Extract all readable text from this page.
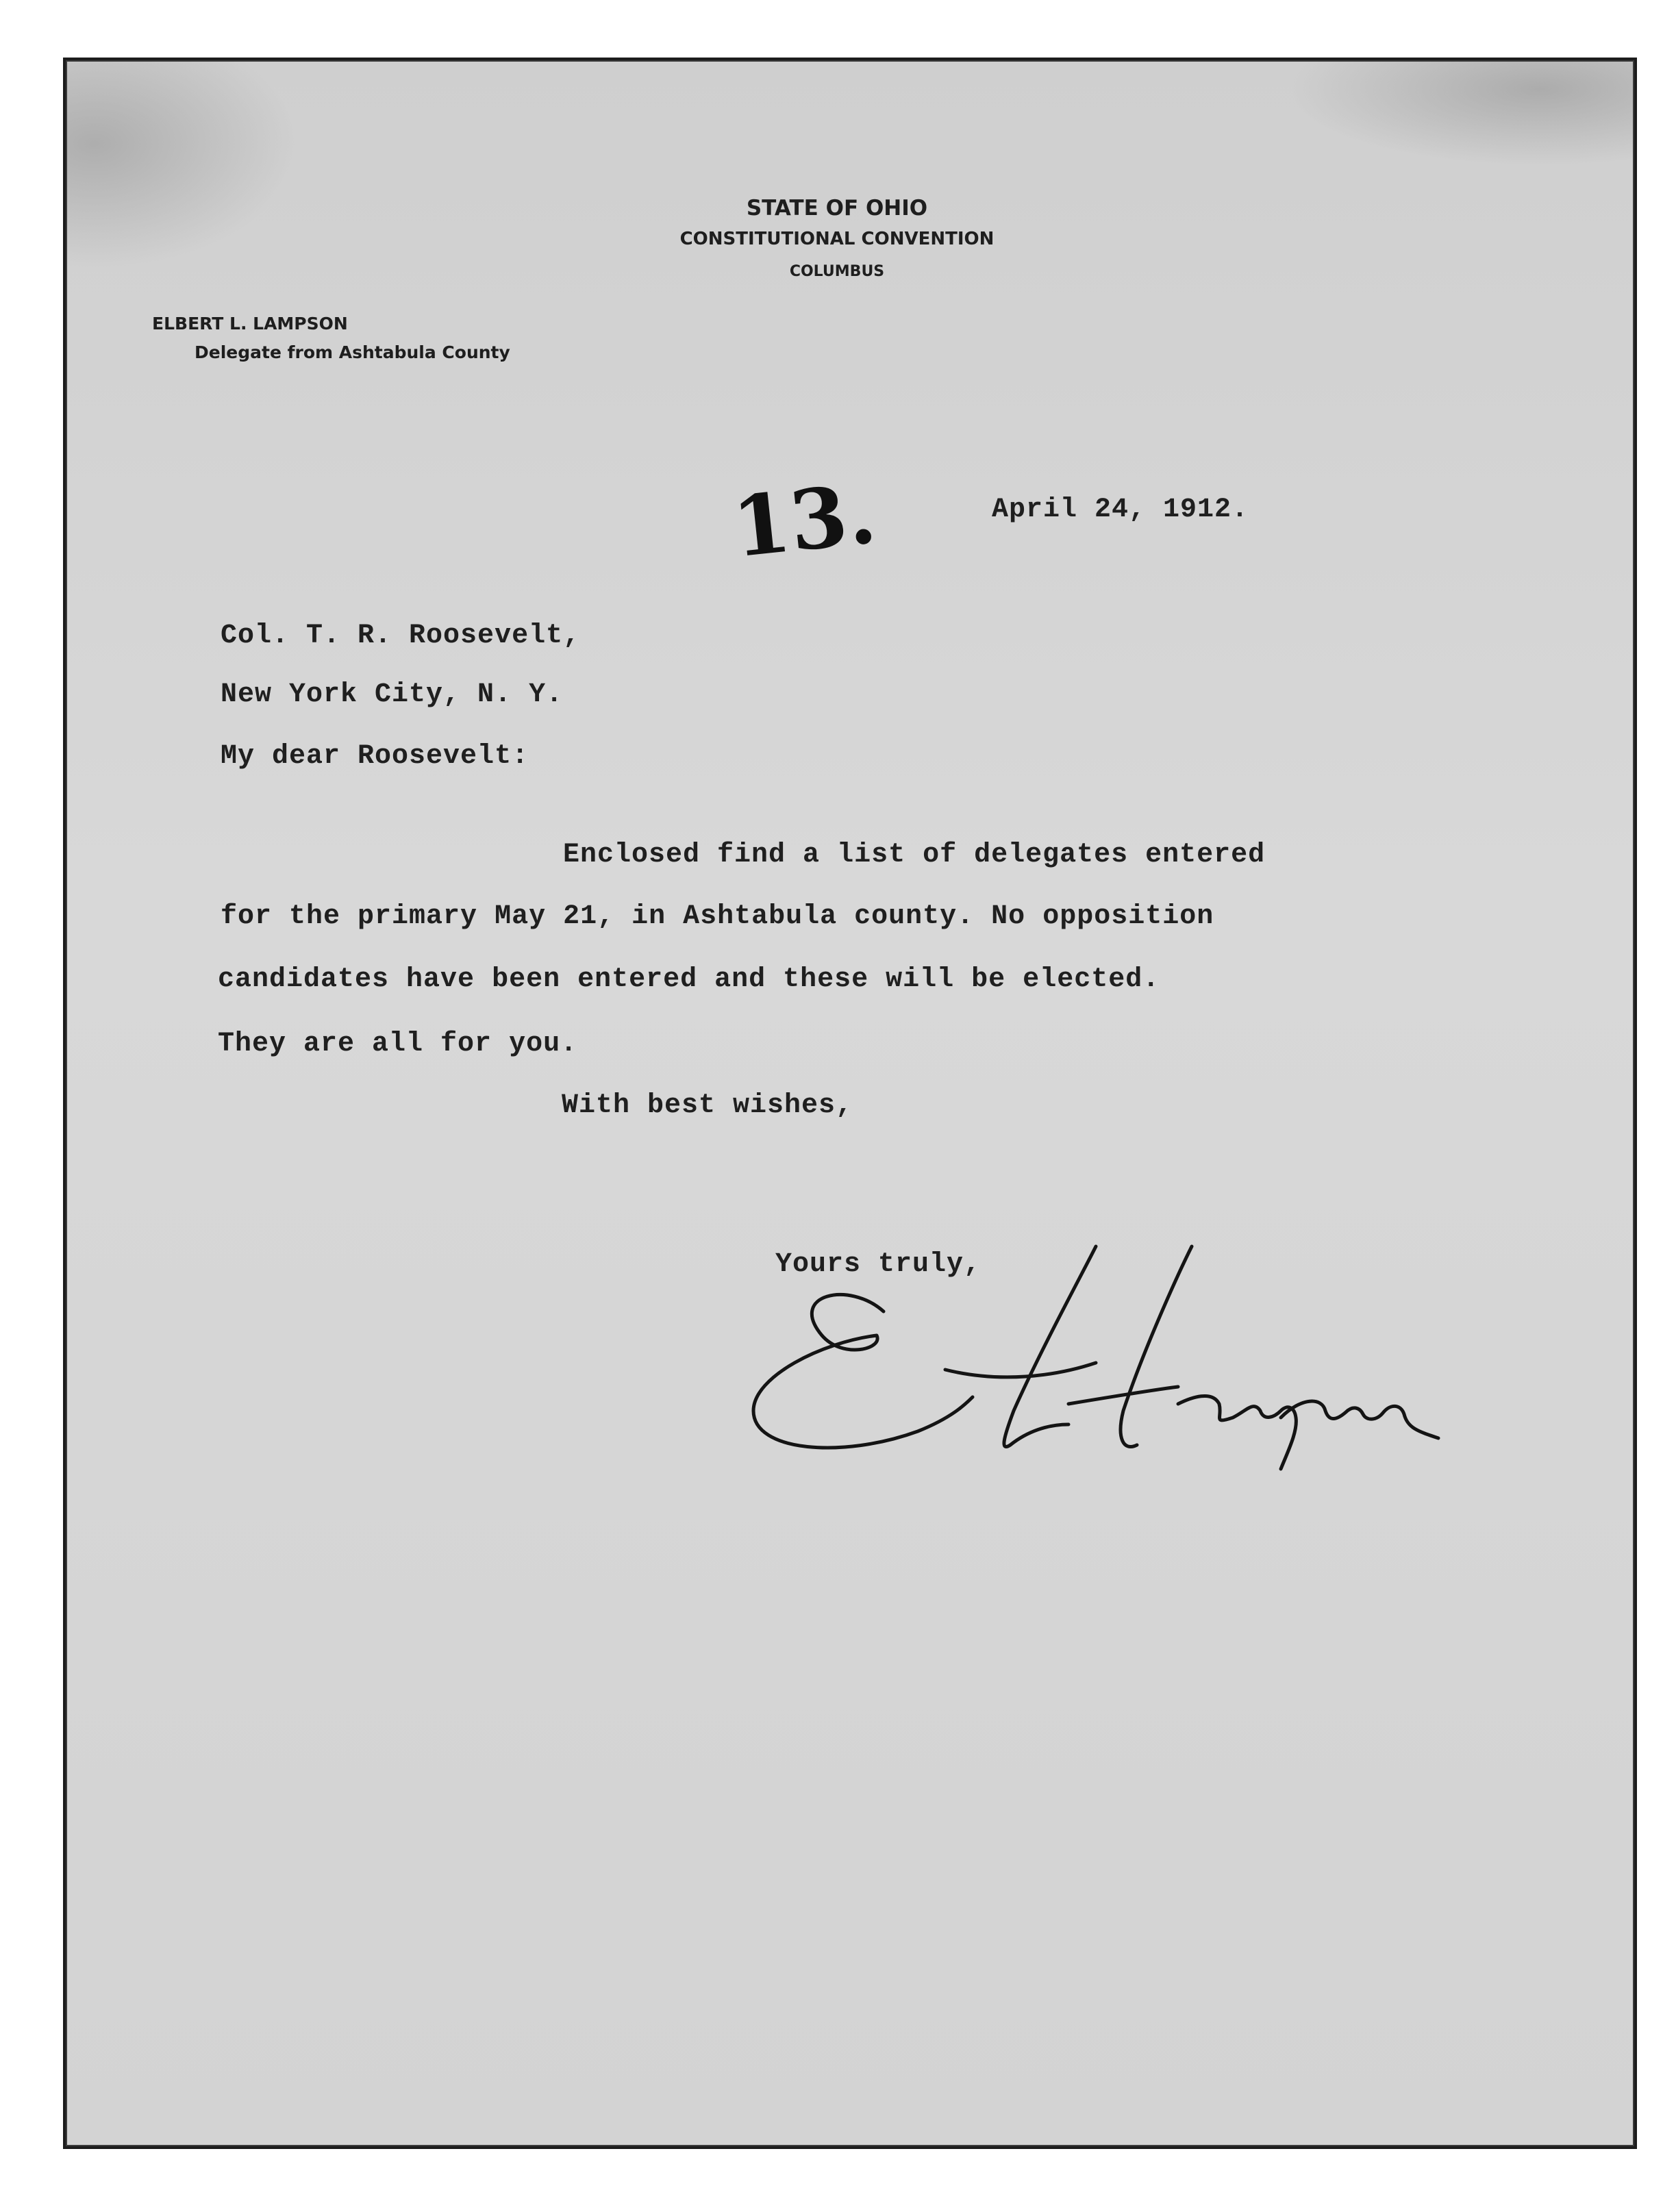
STATE OF OHIO
CONSTITUTIONAL CONVENTION
COLUMBUS
ELBERT L. LAMPSON
Delegate from Ashtabula County
13.	April 24, 1912.
Col. T. R. Roosevelt,
New York City, N. Y.
My dear Roosevelt:
Enclosed find a list of delegates entered
for the primary May 21, in Ashtabula county. No opposition
candidates have been entered and these will be elected.
They are all for you.
With best wishes,
Yours truly,
